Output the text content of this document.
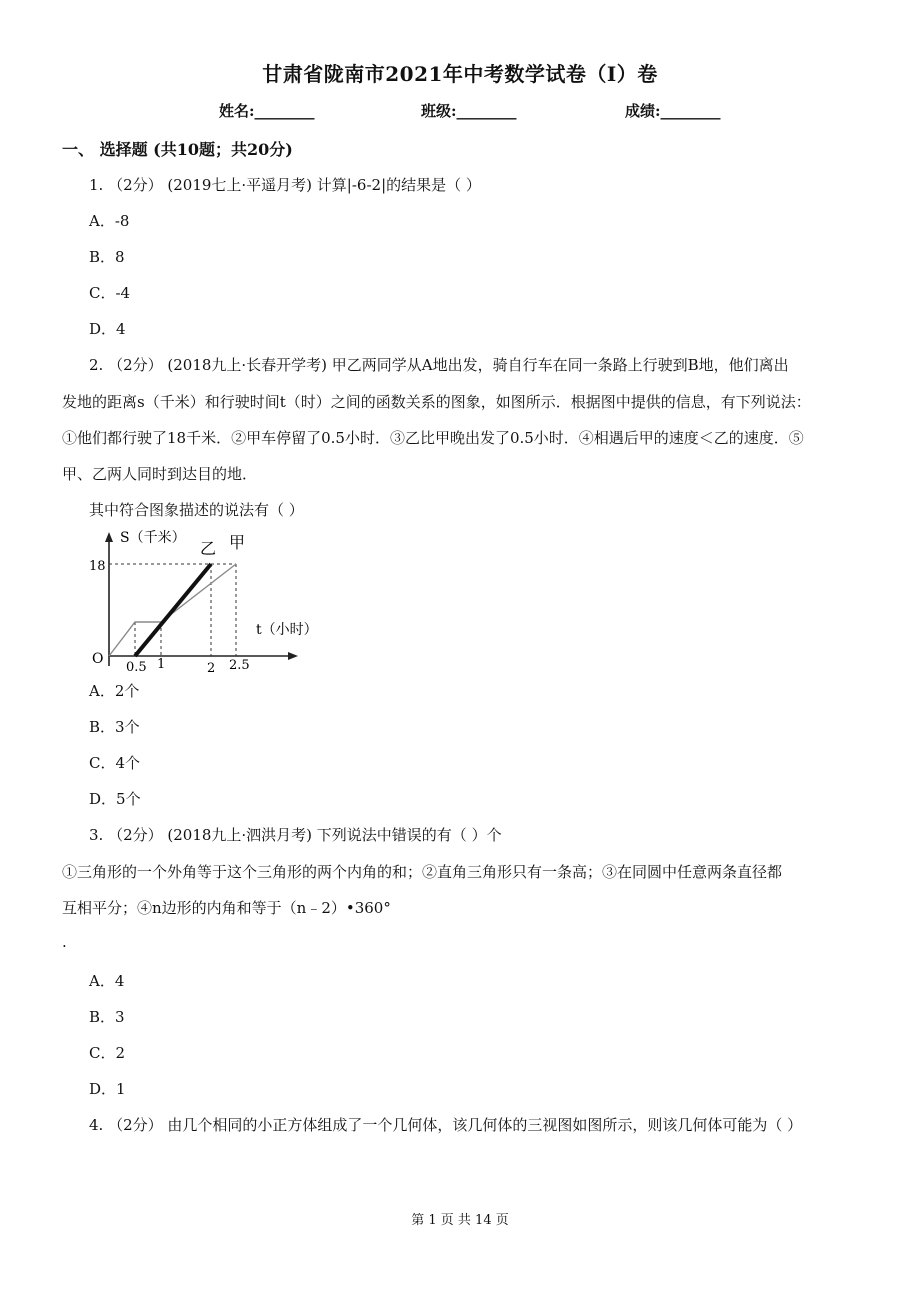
甘肃省陇南市2021年中考数学试卷（I）卷
姓名:________	班级:________	成绩:________
一、 选择题 (共10题；共20分)
1. （2分） (2019七上·平遥月考) 计算|-6-2|的结果是（ ）
A．-8
B．8
C．-4
D．4
2. （2分） (2018九上·长春开学考) 甲乙两同学从A地出发，骑自行车在同一条路上行驶到B地，他们离出
发地的距离s（千米）和行驶时间t（时）之间的函数关系的图象，如图所示．根据图中提供的信息，有下列说法：
①他们都行驶了18千米．②甲车停留了0.5小时．③乙比甲晚出发了0.5小时．④相遇后甲的速度＜乙的速度．⑤
甲、乙两人同时到达目的地．
其中符合图象描述的说法有（ ）
S（千米）
t（小时）
O
18
0.5 1	2 2.5
乙 甲
A．2个
B．3个
C．4个
D．5个
3. （2分） (2018九上·泗洪月考) 下列说法中错误的有（ ）个
①三角形的一个外角等于这个三角形的两个内角的和；②直角三角形只有一条高；③在同圆中任意两条直径都
互相平分；④n边形的内角和等于（n﹣2）•360°
.
A．4
B．3
C．2
D．1
4. （2分） 由几个相同的小正方体组成了一个几何体，该几何体的三视图如图所示，则该几何体可能为（ ）
第 1 页 共 14 页
